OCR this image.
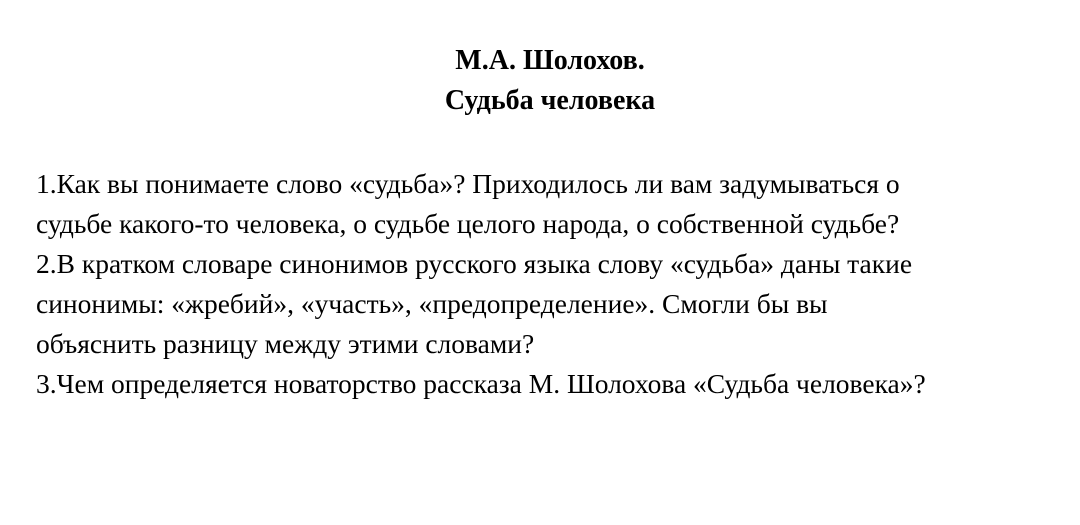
М.А. Шолохов.
Судьба человека
1.Как вы понимаете слово «судьба»? Приходилось ли вам задумываться о
судьбе какого-то человека, о судьбе целого народа, о собственной судьбе?
2.В кратком словаре синонимов русского языка слову «судьба» даны такие
синонимы: «жребий», «участь», «предопределение». Смогли бы вы
объяснить разницу между этими словами?
3.Чем определяется новаторство рассказа М. Шолохова «Судьба человека»?
